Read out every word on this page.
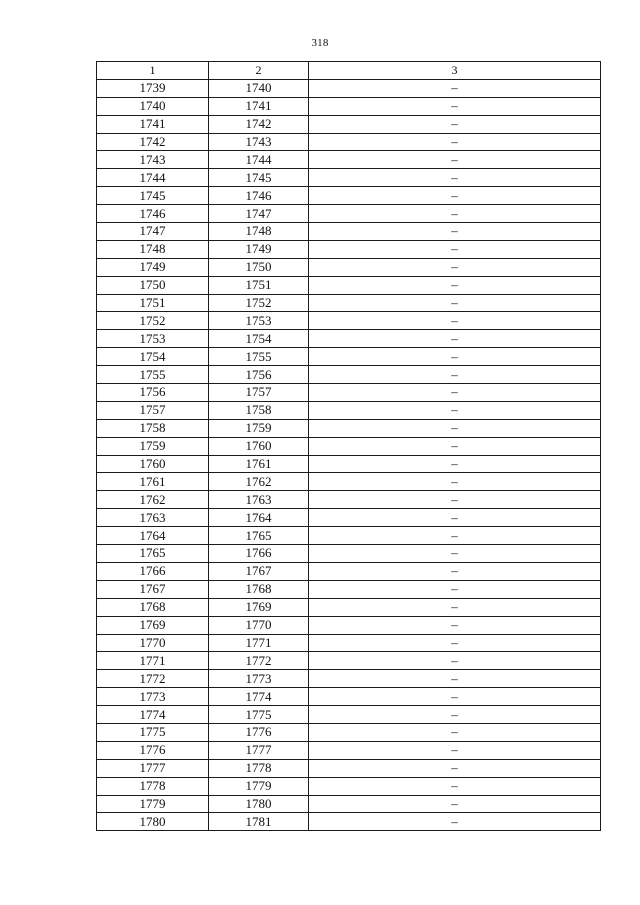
318
1	2	3
1739	1740	–
1740	1741	–
1741	1742	–
1742	1743	–
1743	1744	–
1744	1745	–
1745	1746	–
1746	1747	–
1747	1748	–
1748	1749	–
1749	1750	–
1750	1751	–
1751	1752	–
1752	1753	–
1753	1754	–
1754	1755	–
1755	1756	–
1756	1757	–
1757	1758	–
1758	1759	–
1759	1760	–
1760	1761	–
1761	1762	–
1762	1763	–
1763	1764	–
1764	1765	–
1765	1766	–
1766	1767	–
1767	1768	–
1768	1769	–
1769	1770	–
1770	1771	–
1771	1772	–
1772	1773	–
1773	1774	–
1774	1775	–
1775	1776	–
1776	1777	–
1777	1778	–
1778	1779	–
1779	1780	–
1780	1781	–
